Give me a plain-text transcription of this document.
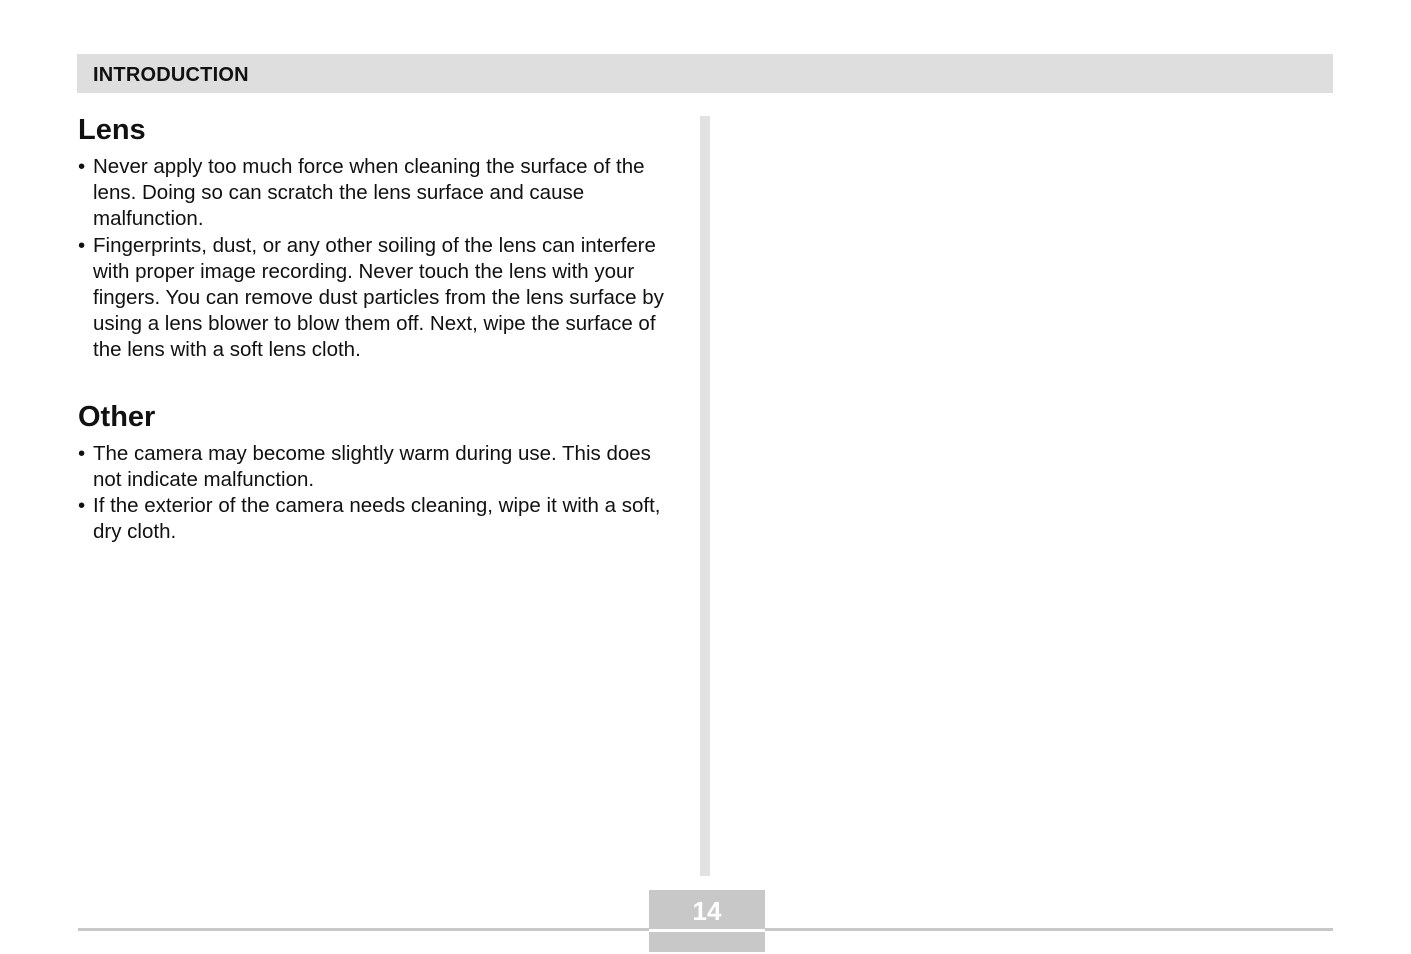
INTRODUCTION
Lens
• Never apply too much force when cleaning the surface of the lens. Doing so can scratch the lens surface and cause malfunction.
• Fingerprints, dust, or any other soiling of the lens can interfere with proper image recording. Never touch the lens with your fingers. You can remove dust particles from the lens surface by using a lens blower to blow them off. Next, wipe the surface of the lens with a soft lens cloth.
Other
• The camera may become slightly warm during use. This does not indicate malfunction.
• If the exterior of the camera needs cleaning, wipe it with a soft, dry cloth.
14
